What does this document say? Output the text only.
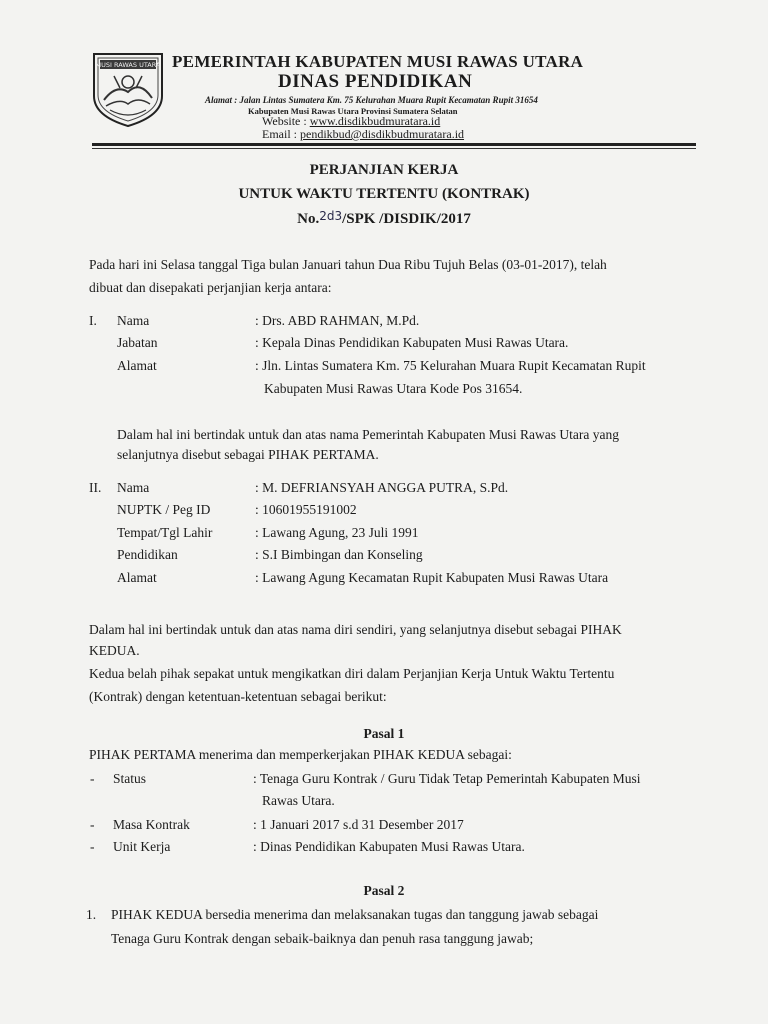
MUSI RAWAS UTARA PEMERINTAH KABUPATEN MUSI RAWAS UTARA
DINAS PENDIDIKAN
Alamat : Jalan Lintas Sumatera Km. 75 Kelurahan Muara Rupit Kecamatan Rupit 31654
Kabupaten Musi Rawas Utara Provinsi Sumatera Selatan
Website : www.disdikbudmuratara.id
Email : pendikbud@disdikbudmuratara.id
PERJANJIAN KERJA
UNTUK WAKTU TERTENTU (KONTRAK)
No.$^{2d3}$/SPK /DISDIK/2017
Pada hari ini Selasa tanggal Tiga bulan Januari tahun Dua Ribu Tujuh Belas (03-01-2017), telah
dibuat dan disepakati perjanjian kerja antara:
I. Nama	: Drs. ABD RAHMAN, M.Pd.
Jabatan	: Kepala Dinas Pendidikan Kabupaten Musi Rawas Utara.
Alamat	: Jln. Lintas Sumatera Km. 75 Kelurahan Muara Rupit Kecamatan Rupit
Kabupaten Musi Rawas Utara Kode Pos 31654.
Dalam hal ini bertindak untuk dan atas nama Pemerintah Kabupaten Musi Rawas Utara yang
selanjutnya disebut sebagai PIHAK PERTAMA.
II. Nama	: M. DEFRIANSYAH ANGGA PUTRA, S.Pd.
NUPTK / Peg ID	: 10601955191002
Tempat/Tgl Lahir	: Lawang Agung, 23 Juli 1991
Pendidikan	: S.I Bimbingan dan Konseling
Alamat	: Lawang Agung Kecamatan Rupit Kabupaten Musi Rawas Utara
Dalam hal ini bertindak untuk dan atas nama diri sendiri, yang selanjutnya disebut sebagai PIHAK
KEDUA.
Kedua belah pihak sepakat untuk mengikatkan diri dalam Perjanjian Kerja Untuk Waktu Tertentu
(Kontrak) dengan ketentuan-ketentuan sebagai berikut:
Pasal 1
PIHAK PERTAMA menerima dan memperkerjakan PIHAK KEDUA sebagai:
- Status	: Tenaga Guru Kontrak / Guru Tidak Tetap Pemerintah Kabupaten Musi
Rawas Utara.
- Masa Kontrak	: 1 Januari 2017 s.d 31 Desember 2017
- Unit Kerja	: Dinas Pendidikan Kabupaten Musi Rawas Utara.
Pasal 2
1. PIHAK KEDUA bersedia menerima dan melaksanakan tugas dan tanggung jawab sebagai
Tenaga Guru Kontrak dengan sebaik-baiknya dan penuh rasa tanggung jawab;
